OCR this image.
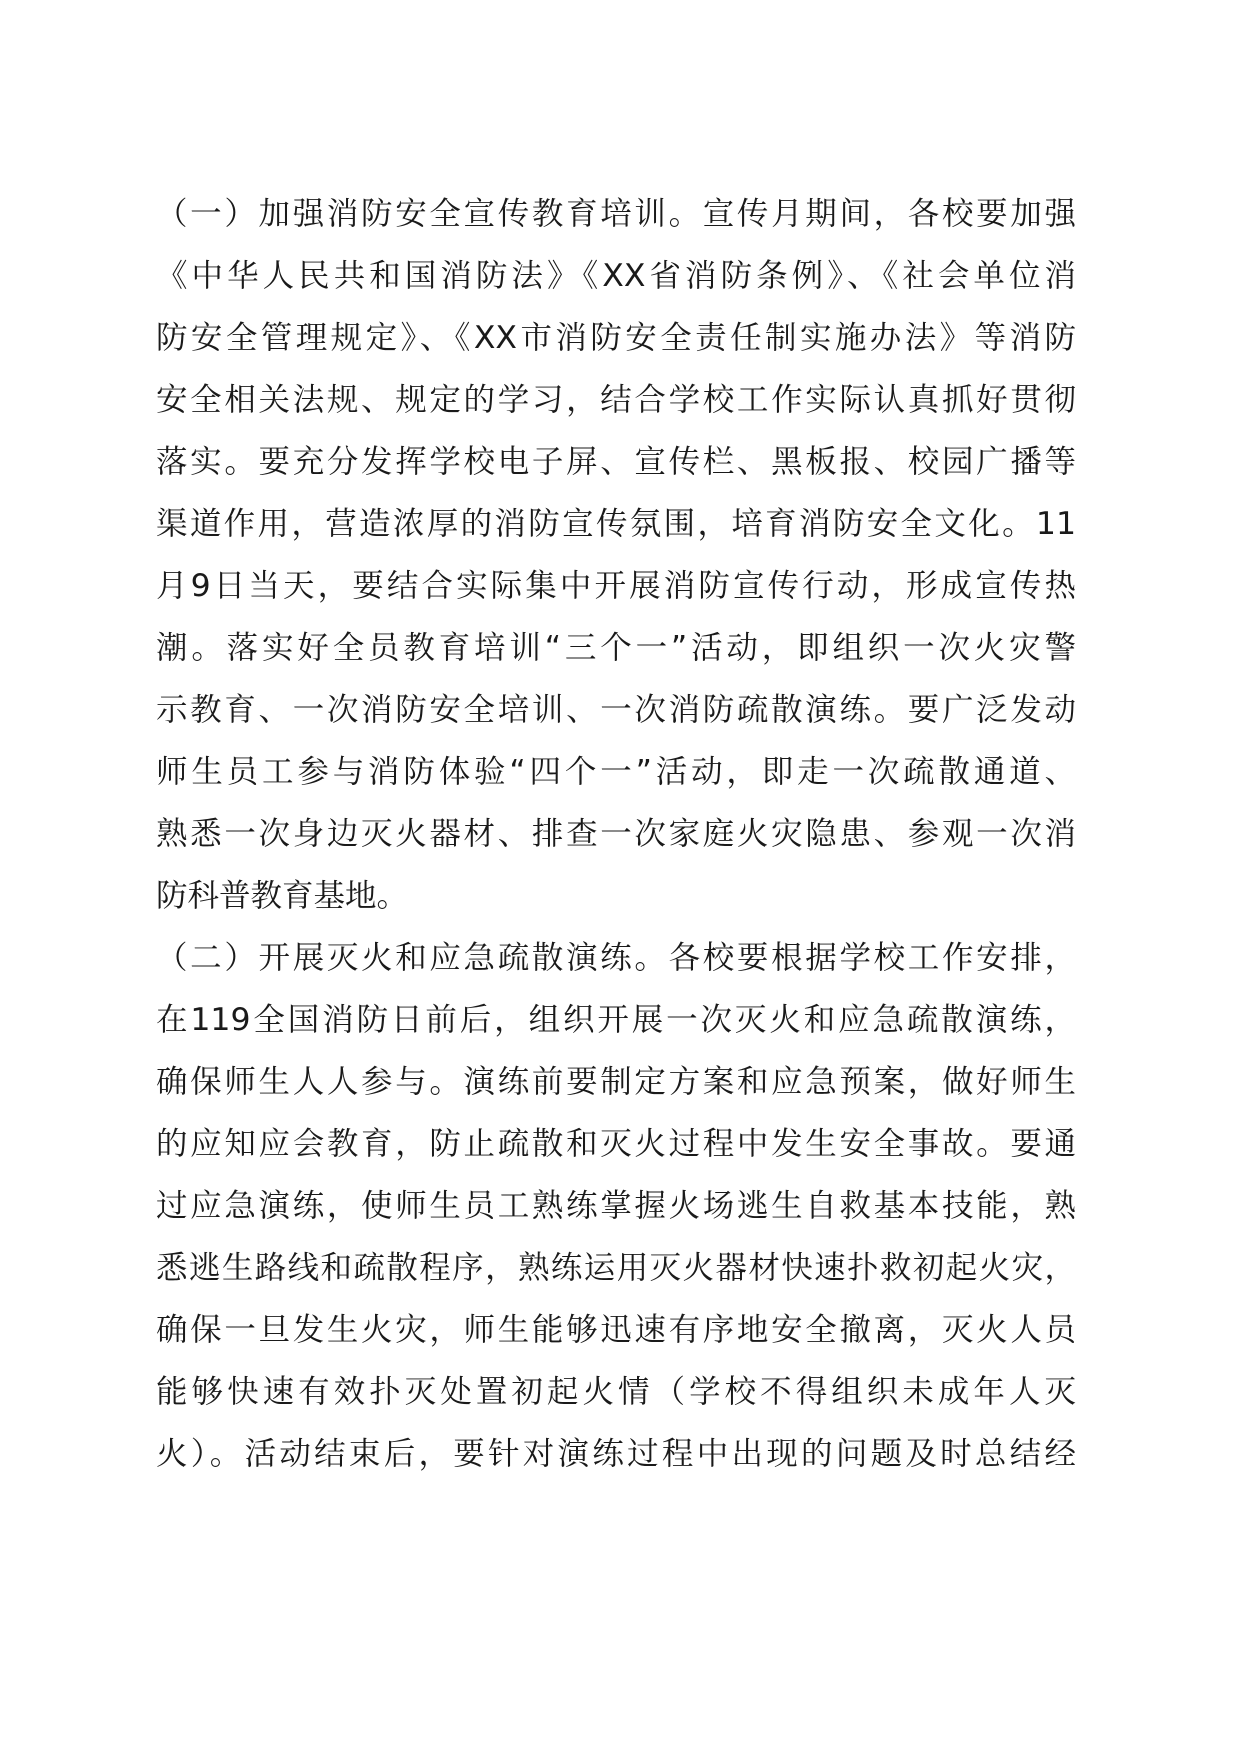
（一）加强消防安全宣传教育培训。宣传月期间，各校要加强
《中华人民共和国消防法》《XX省消防条例》、《社会单位消
防安全管理规定》、《XX市消防安全责任制实施办法》等消防
安全相关法规、规定的学习，结合学校工作实际认真抓好贯彻
落实。要充分发挥学校电子屏、宣传栏、黑板报、校园广播等
渠道作用，营造浓厚的消防宣传氛围，培育消防安全文化。11
月9日当天，要结合实际集中开展消防宣传行动，形成宣传热
潮。落实好全员教育培训“三个一”活动，即组织一次火灾警
示教育、一次消防安全培训、一次消防疏散演练。要广泛发动
师生员工参与消防体验“四个一”活动，即走一次疏散通道、
熟悉一次身边灭火器材、排查一次家庭火灾隐患、参观一次消
防科普教育基地。
（二）开展灭火和应急疏散演练。各校要根据学校工作安排，
在119全国消防日前后，组织开展一次灭火和应急疏散演练，
确保师生人人参与。演练前要制定方案和应急预案，做好师生
的应知应会教育，防止疏散和灭火过程中发生安全事故。要通
过应急演练，使师生员工熟练掌握火场逃生自救基本技能，熟
悉逃生路线和疏散程序，熟练运用灭火器材快速扑救初起火灾，
确保一旦发生火灾，师生能够迅速有序地安全撤离，灭火人员
能够快速有效扑灭处置初起火情（学校不得组织未成年人灭
火）。活动结束后，要针对演练过程中出现的问题及时总结经
